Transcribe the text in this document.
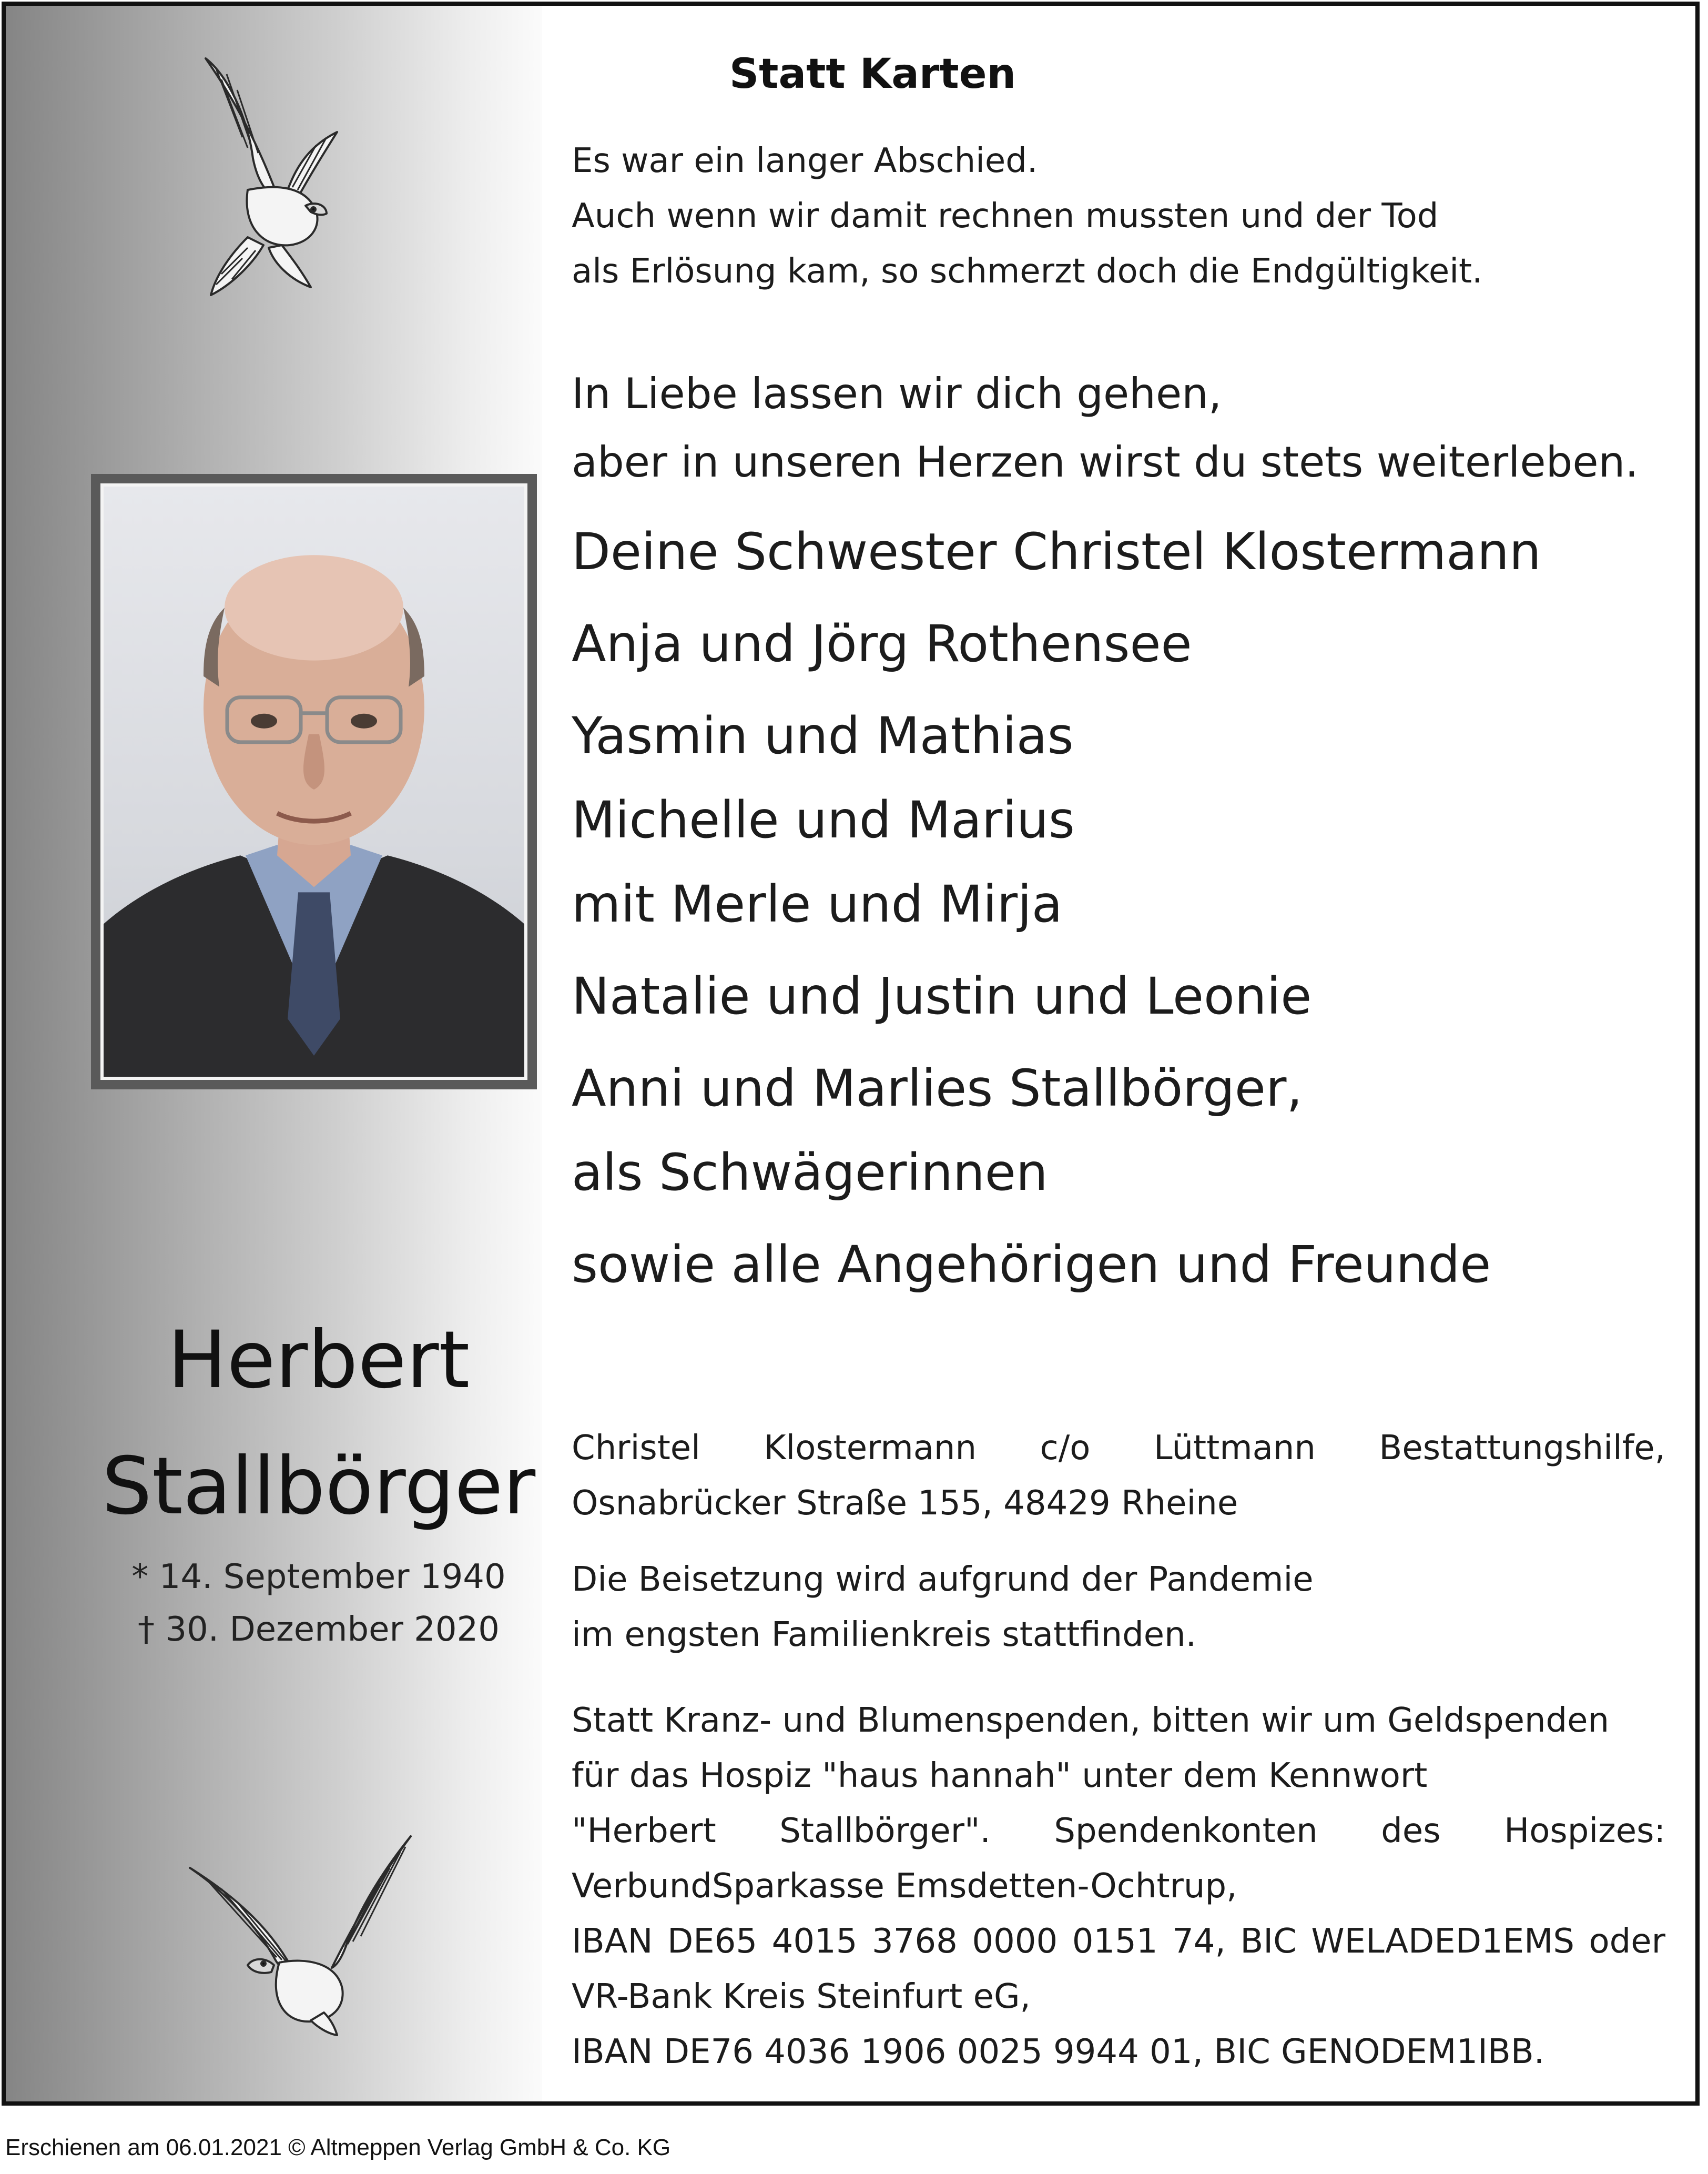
Herbert
Stallbörger
* 14. September 1940
† 30. Dezember 2020
Statt Karten
Es war ein langer Abschied.
Auch wenn wir damit rechnen mussten und der Tod
als Erlösung kam, so schmerzt doch die Endgültigkeit.
In Liebe lassen wir dich gehen,
aber in unseren Herzen wirst du stets weiterleben.
Deine Schwester Christel Klostermann
Anja und Jörg Rothensee
Yasmin und Mathias
Michelle und Marius
mit Merle und Mirja
Natalie und Justin und Leonie
Anni und Marlies Stallbörger,
als Schwägerinnen
sowie alle Angehörigen und Freunde
Christel Klostermann c/o Lüttmann Bestattungshilfe,
Osnabrücker Straße 155, 48429 Rheine
Die Beisetzung wird aufgrund der Pandemie
im engsten Familienkreis stattfinden.
Statt Kranz- und Blumenspenden, bitten wir um Geldspenden
für das Hospiz "haus hannah" unter dem Kennwort
"Herbert Stallbörger". Spendenkonten des Hospizes:
VerbundSparkasse Emsdetten-Ochtrup,
IBAN DE65 4015 3768 0000 0151 74, BIC WELADED1EMS oder
VR-Bank Kreis Steinfurt eG,
IBAN DE76 4036 1906 0025 9944 01, BIC GENODEM1IBB.
Erschienen am 06.01.2021 © Altmeppen Verlag GmbH & Co. KG
